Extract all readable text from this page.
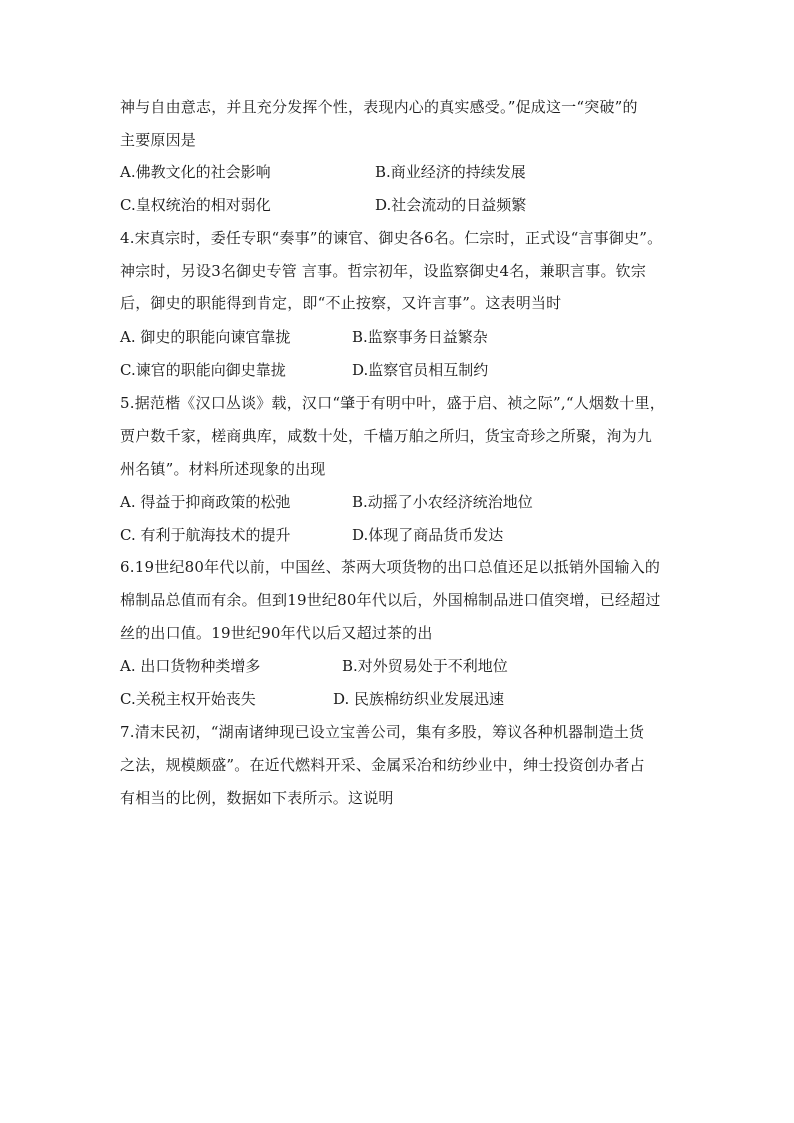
神与自由意志，并且充分发挥个性，表现内心的真实感受。”促成这一“突破”的
主要原因是
A.佛教文化的社会影响	B.商业经济的持续发展
C.皇权统治的相对弱化	D.社会流动的日益频繁
4.宋真宗时，委任专职“奏事”的谏官、御史各6名。仁宗时，正式设“言事御史”。
神宗时，另设3名御史专管 言事。哲宗初年，设监察御史4名，兼职言事。钦宗
后，御史的职能得到肯定，即“不止按察，又许言事”。这表明当时
A. 御史的职能向谏官靠拢	B.监察事务日益繁杂
C.谏官的职能向御史靠拢	D.监察官员相互制约
5.据范楷《汉口丛谈》载，汉口“肇于有明中叶，盛于启、祯之际”,“人烟数十里，
贾户数千家，槎商典库，咸数十处，千樯万舶之所归，货宝奇珍之所聚，洵为九
州名镇”。材料所述现象的出现
A. 得益于抑商政策的松弛	B.动摇了小农经济统治地位
C. 有利于航海技术的提升	D.体现了商品货币发达
6.19世纪80年代以前，中国丝、茶两大项货物的出口总值还足以抵销外国输入的
棉制品总值而有余。但到19世纪80年代以后，外国棉制品进口值突增，已经超过
丝的出口值。19世纪90年代以后又超过茶的出
A. 出口货物种类增多	B.对外贸易处于不利地位
C.关税主权开始丧失	D. 民族棉纺织业发展迅速
7.清末民初，“湖南诸绅现已设立宝善公司，集有多股，筹议各种机器制造土货
之法，规模颇盛”。在近代燃料开采、金属采冶和纺纱业中，绅士投资创办者占
有相当的比例，数据如下表所示。这说明
